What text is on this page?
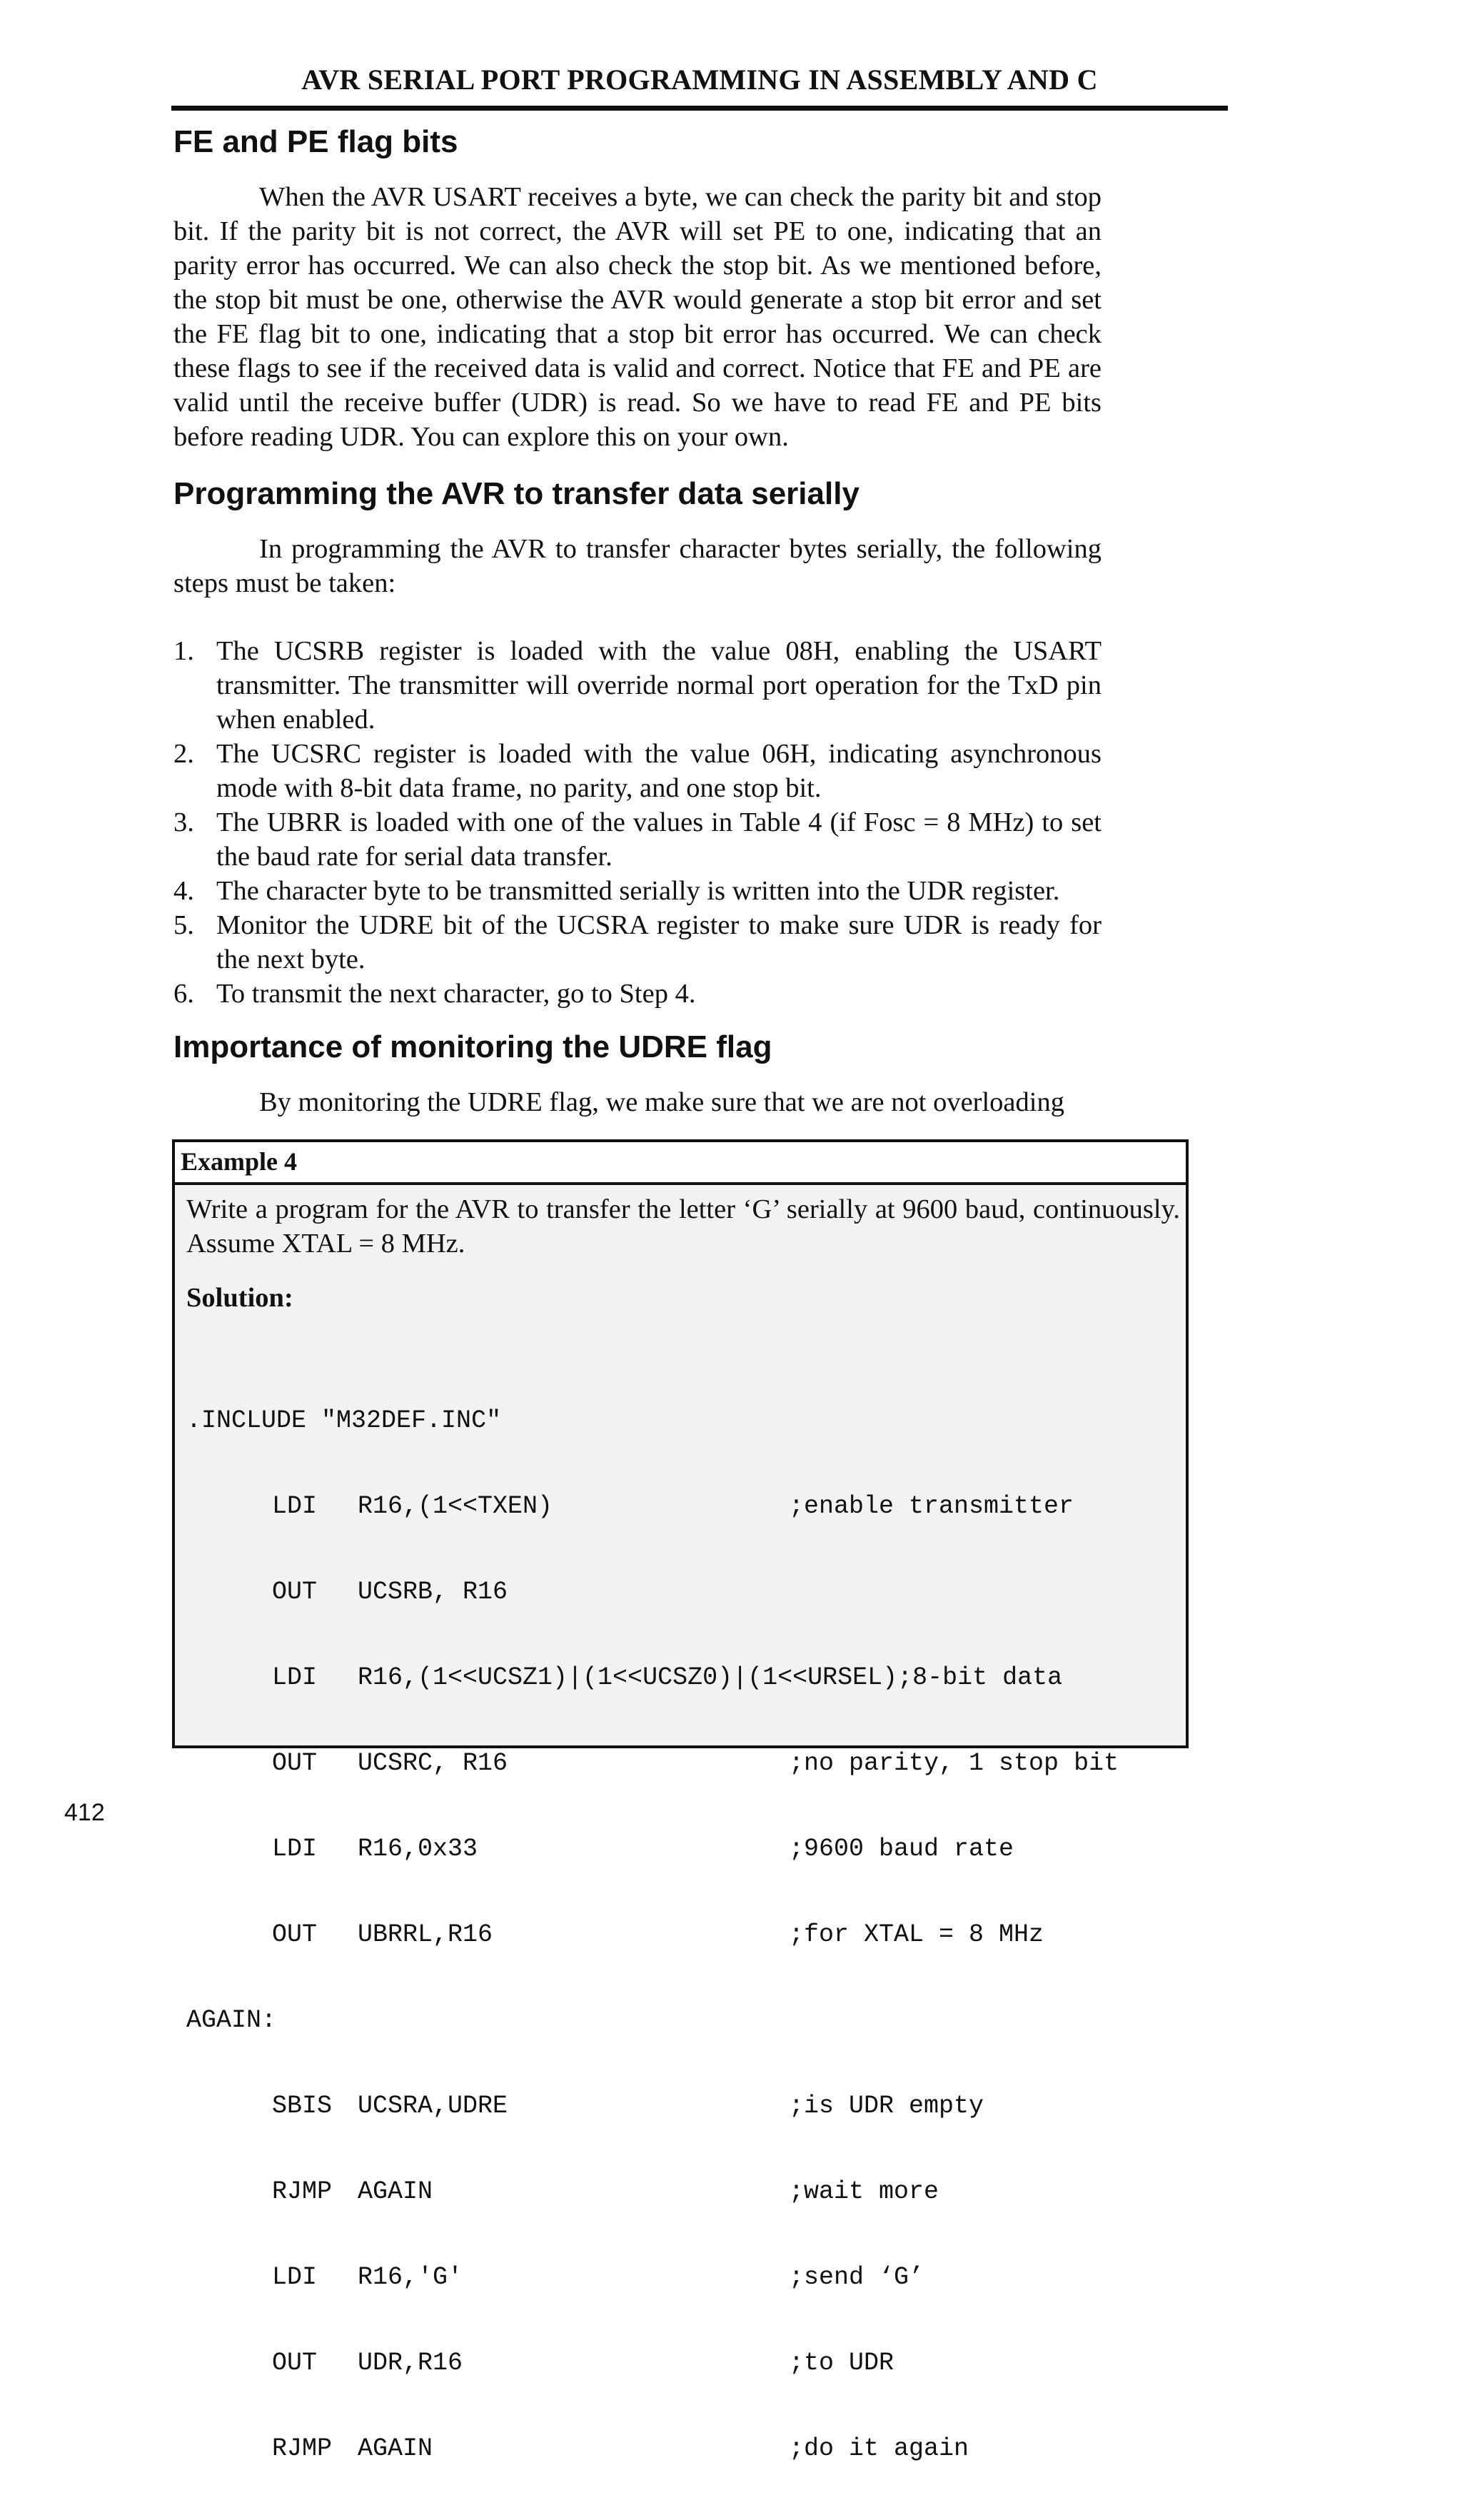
AVR SERIAL PORT PROGRAMMING IN ASSEMBLY AND C
FE and PE flag bits

When the AVR USART receives a byte, we can check the parity bit and stop bit. If the parity bit is not correct, the AVR will set PE to one, indicating that an parity error has occurred. We can also check the stop bit. As we mentioned before, the stop bit must be one, otherwise the AVR would generate a stop bit error and set the FE flag bit to one, indicating that a stop bit error has occurred. We can check these flags to see if the received data is valid and correct. Notice that FE and PE are valid until the receive buffer (UDR) is read. So we have to read FE and PE bits before reading UDR. You can explore this on your own.

Programming the AVR to transfer data serially

In programming the AVR to transfer character bytes serially, the following steps must be taken:

1. The UCSRB register is loaded with the value 08H, enabling the USART transmitter. The transmitter will override normal port operation for the TxD pin when enabled.
2. The UCSRC register is loaded with the value 06H, indicating asynchronous mode with 8-bit data frame, no parity, and one stop bit.
3. The UBRR is loaded with one of the values in Table 4 (if Fosc = 8 MHz) to set the baud rate for serial data transfer.
4. The character byte to be transmitted serially is written into the UDR register.
5. Monitor the UDRE bit of the UCSRA register to make sure UDR is ready for the next byte.
6. To transmit the next character, go to Step 4.
Importance of monitoring the UDRE flag

By monitoring the UDRE flag, we make sure that we are not overloading

Example 4

Write a program for the AVR to transfer the letter ‘G’ serially at 9600 baud, continuously. Assume XTAL = 8 MHz.

Solution:

.INCLUDE "M32DEF.INC"

LDI R16,(1<<TXEN)	;enable transmitter

OUT UCSRB, R16

LDI R16,(1<<UCSZ1)|(1<<UCSZ0)|(1<<URSEL);8-bit data

OUT UCSRC, R16	;no parity, 1 stop bit

LDI R16,0x33	;9600 baud rate

OUT UBRRL,R16	;for XTAL = 8 MHz

AGAIN:

SBIS UCSRA,UDRE	;is UDR empty

RJMP AGAIN	;wait more

LDI R16,'G'	;send ‘G’

OUT UDR,R16	;to UDR

RJMP AGAIN	;do it again

412
